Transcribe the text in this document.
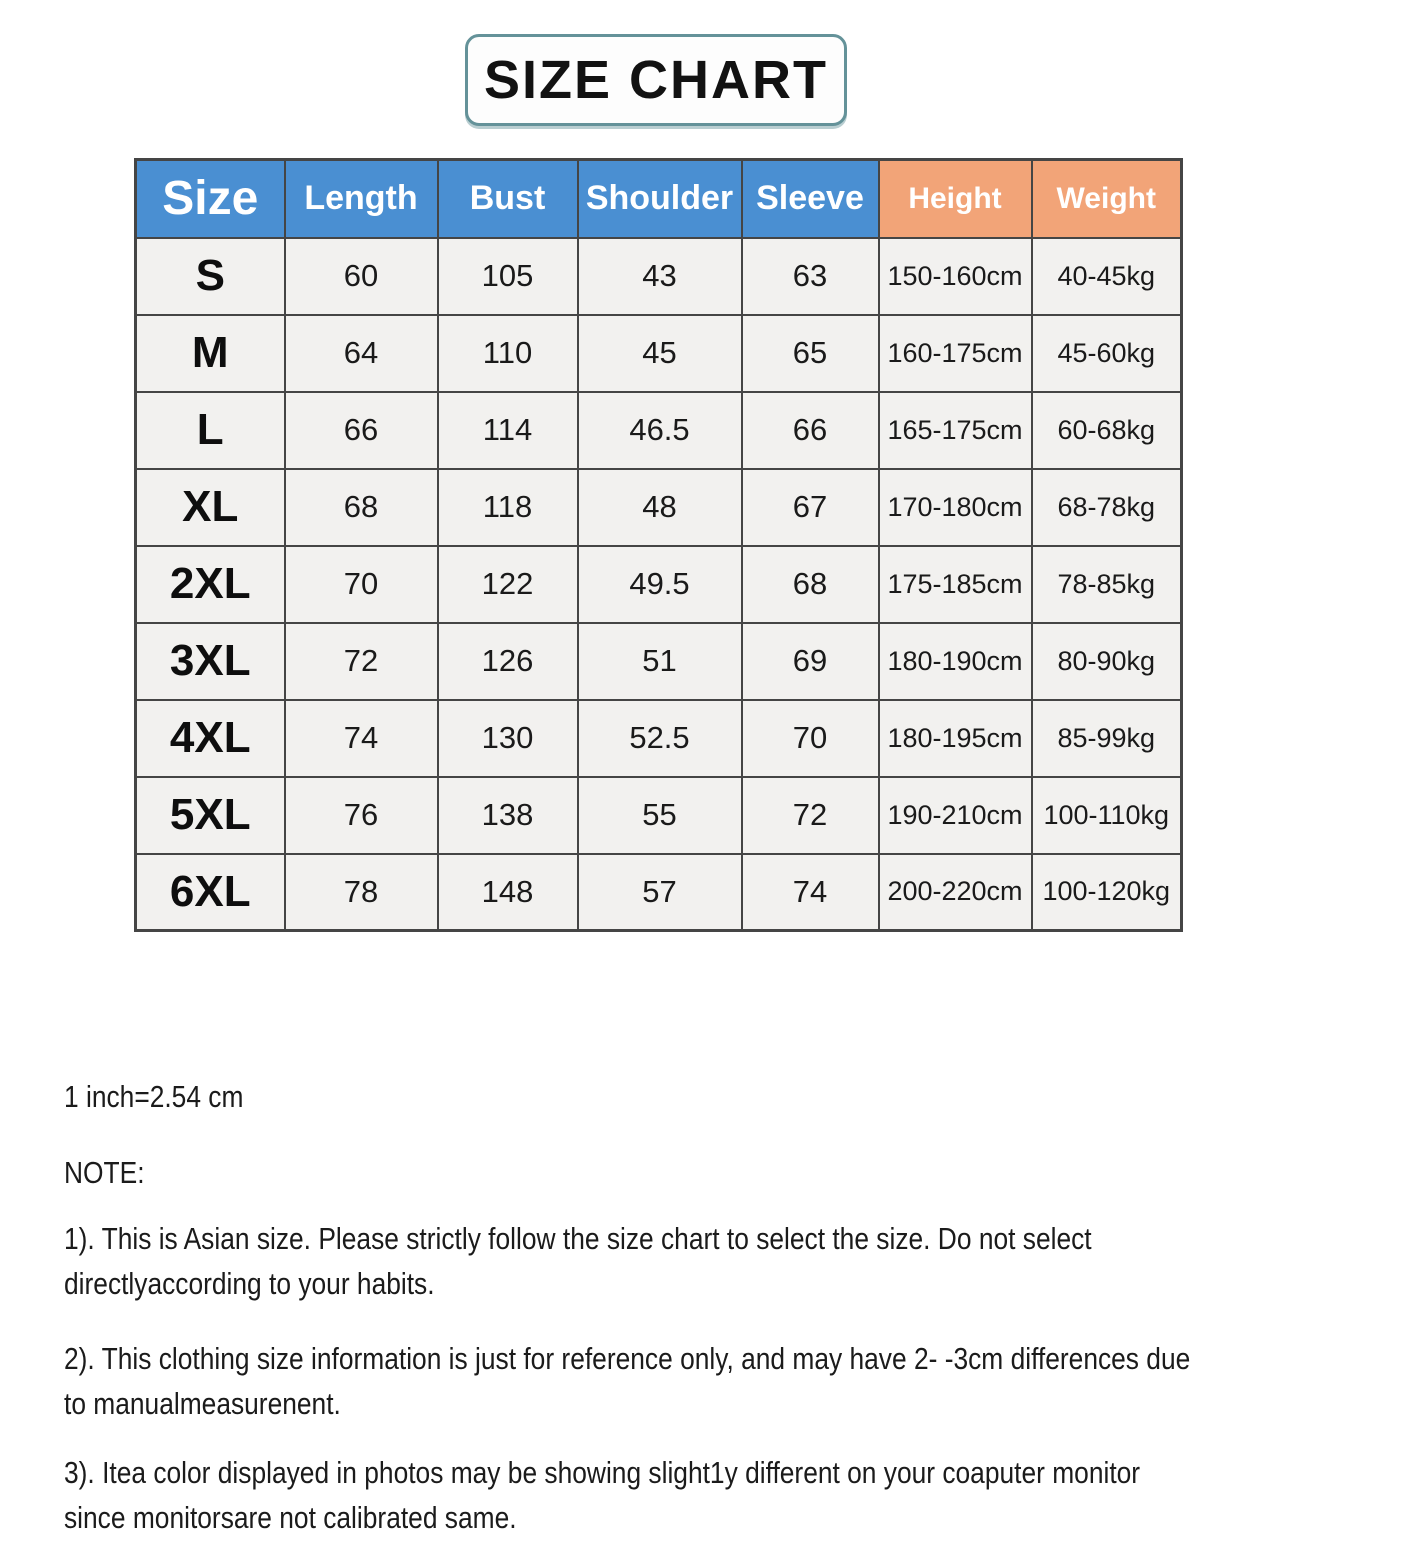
SIZE CHART
Size	Length	Bust	Shoulder	Sleeve	Height	Weight
S	60	105	43	63	150-160cm	40-45kg
M	64	110	45	65	160-175cm	45-60kg
L	66	114	46.5	66	165-175cm	60-68kg
XL	68	118	48	67	170-180cm	68-78kg
2XL	70	122	49.5	68	175-185cm	78-85kg
3XL	72	126	51	69	180-190cm	80-90kg
4XL	74	130	52.5	70	180-195cm	85-99kg
5XL	76	138	55	72	190-210cm	100-110kg
6XL	78	148	57	74	200-220cm	100-120kg
1 inch=2.54 cm
NOTE:
1). This is Asian size. Please strictly follow the size chart to select the size. Do not select
directlyaccording to your habits.
2). This clothing size information is just for reference only, and may have 2- -3cm differences due
to manualmeasurenent.
3). Itea color displayed in photos may be showing slight1y different on your coaputer monitor
since monitorsare not calibrated same.
